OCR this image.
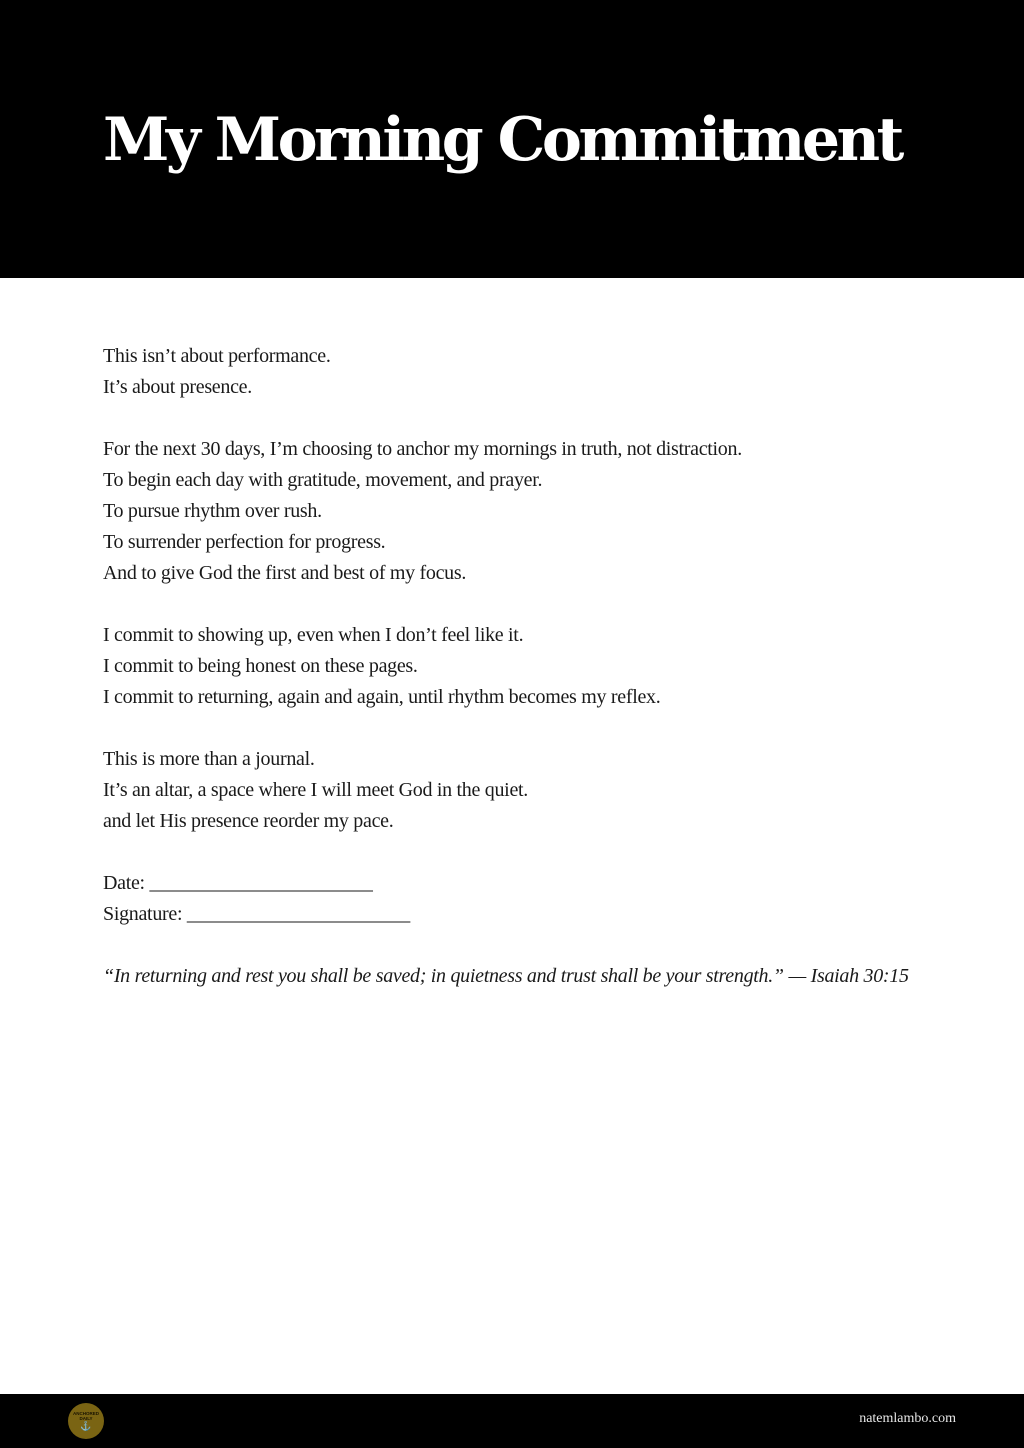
My Morning Commitment
This isn’t about performance.
It’s about presence.
For the next 30 days, I’m choosing to anchor my mornings in truth, not distraction.
To begin each day with gratitude, movement, and prayer.
To pursue rhythm over rush.
To surrender perfection for progress.
And to give God the first and best of my focus.
I commit to showing up, even when I don’t feel like it.
I commit to being honest on these pages.
I commit to returning, again and again, until rhythm becomes my reflex.
This is more than a journal.
It’s an altar, a space where I will meet God in the quiet.
and let His presence reorder my pace.
Date: _______________________
Signature: _______________________

“In returning and rest you shall be saved; in quietness and trust shall be your strength.” — Isaiah 30:15

ANCHORED
DAILY
⚓	natemlambo.com
